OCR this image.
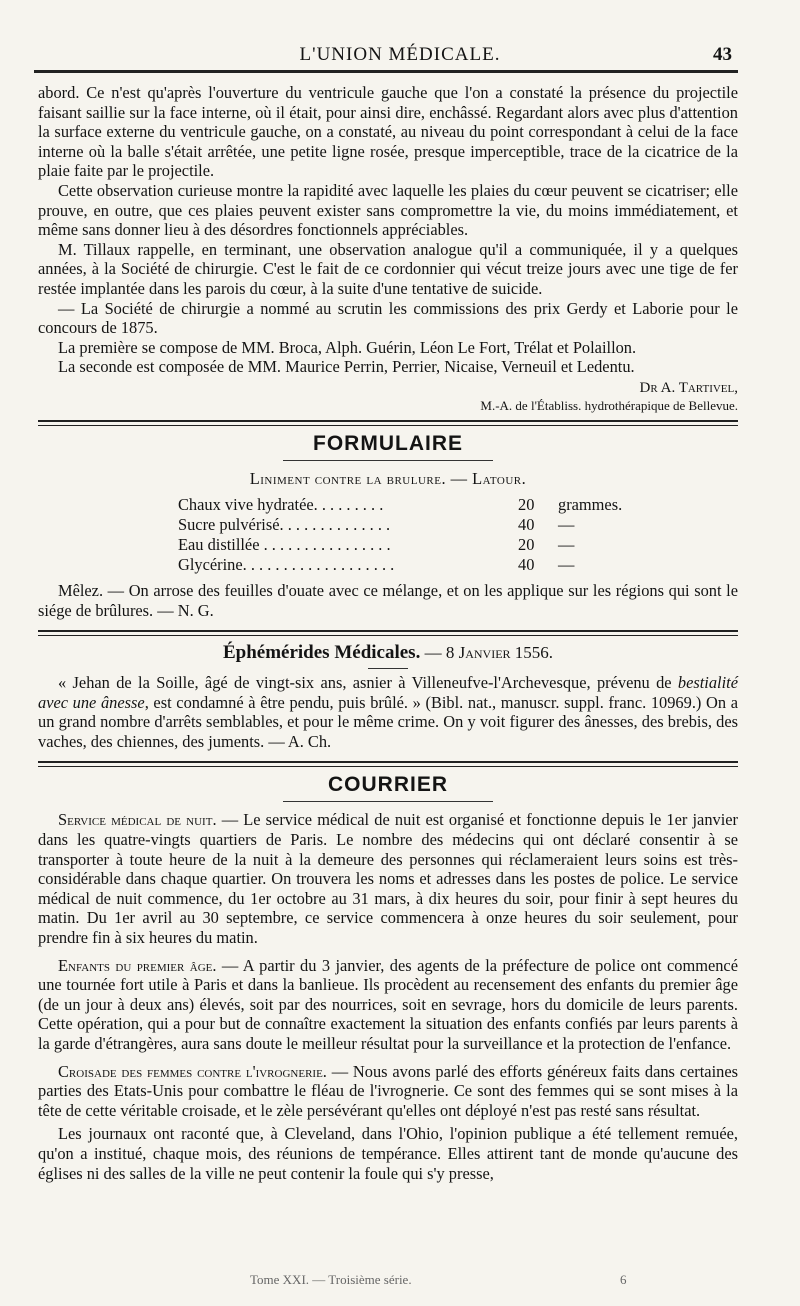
L'UNION MÉDICALE.	43

abord. Ce n'est qu'après l'ouverture du ventricule gauche que l'on a constaté la présence du projectile faisant saillie sur la face interne, où il était, pour ainsi dire, enchâssé. Regardant alors avec plus d'attention la surface externe du ventricule gauche, on a constaté, au niveau du point correspondant à celui de la face interne où la balle s'était arrêtée, une petite ligne rosée, presque imperceptible, trace de la cicatrice de la plaie faite par le projectile.

Cette observation curieuse montre la rapidité avec laquelle les plaies du cœur peuvent se cicatriser; elle prouve, en outre, que ces plaies peuvent exister sans compromettre la vie, du moins immédiatement, et même sans donner lieu à des désordres fonctionnels appréciables.

M. Tillaux rappelle, en terminant, une observation analogue qu'il a communiquée, il y a quelques années, à la Société de chirurgie. C'est le fait de ce cordonnier qui vécut treize jours avec une tige de fer restée implantée dans les parois du cœur, à la suite d'une tentative de suicide.

— La Société de chirurgie a nommé au scrutin les commissions des prix Gerdy et Laborie pour le concours de 1875.

La première se compose de MM. Broca, Alph. Guérin, Léon Le Fort, Trélat et Polaillon.

La seconde est composée de MM. Maurice Perrin, Perrier, Nicaise, Verneuil et Ledentu.

Dr A. Tartivel,

M.-A. de l'Établiss. hydrothérapique de Bellevue.

FORMULAIRE
Liniment contre la brulure. — Latour.
Chaux vive hydratée. . . . . . . . .	20	grammes.
Sucre pulvérisé. . . . . . . . . . . . . .	40	—
Eau distillée . . . . . . . . . . . . . . . .	20	—
Glycérine. . . . . . . . . . . . . . . . . . .	40	—

Mêlez. — On arrose des feuilles d'ouate avec ce mélange, et on les applique sur les régions qui sont le siége de brûlures. — N. G.

Éphémérides Médicales. — 8 Janvier 1556.

« Jehan de la Soille, âgé de vingt-six ans, asnier à Villeneufve-l'Archevesque, prévenu de bestialité avec une ânesse, est condamné à être pendu, puis brûlé. » (Bibl. nat., manuscr. suppl. franc. 10969.) On a un grand nombre d'arrêts semblables, et pour le même crime. On y voit figurer des ânesses, des brebis, des vaches, des chiennes, des juments. — A. Ch.

COURRIER

Service médical de nuit. — Le service médical de nuit est organisé et fonctionne depuis le 1er janvier dans les quatre-vingts quartiers de Paris. Le nombre des médecins qui ont déclaré consentir à se transporter à toute heure de la nuit à la demeure des personnes qui réclameraient leurs soins est très-considérable dans chaque quartier. On trouvera les noms et adresses dans les postes de police. Le service médical de nuit commence, du 1er octobre au 31 mars, à dix heures du soir, pour finir à sept heures du matin. Du 1er avril au 30 septembre, ce service commencera à onze heures du soir seulement, pour prendre fin à six heures du matin.

Enfants du premier âge. — A partir du 3 janvier, des agents de la préfecture de police ont commencé une tournée fort utile à Paris et dans la banlieue. Ils procèdent au recensement des enfants du premier âge (de un jour à deux ans) élevés, soit par des nourrices, soit en sevrage, hors du domicile de leurs parents. Cette opération, qui a pour but de connaître exactement la situation des enfants confiés par leurs parents à la garde d'étrangères, aura sans doute le meilleur résultat pour la surveillance et la protection de l'enfance.

Croisade des femmes contre l'ivrognerie. — Nous avons parlé des efforts généreux faits dans certaines parties des Etats-Unis pour combattre le fléau de l'ivrognerie. Ce sont des femmes qui se sont mises à la tête de cette véritable croisade, et le zèle persévérant qu'elles ont déployé n'est pas resté sans résultat.

Les journaux ont raconté que, à Cleveland, dans l'Ohio, l'opinion publique a été tellement remuée, qu'on a institué, chaque mois, des réunions de tempérance. Elles attirent tant de monde qu'aucune des églises ni des salles de la ville ne peut contenir la foule qui s'y presse,

Tome XXI. — Troisième série.	6
